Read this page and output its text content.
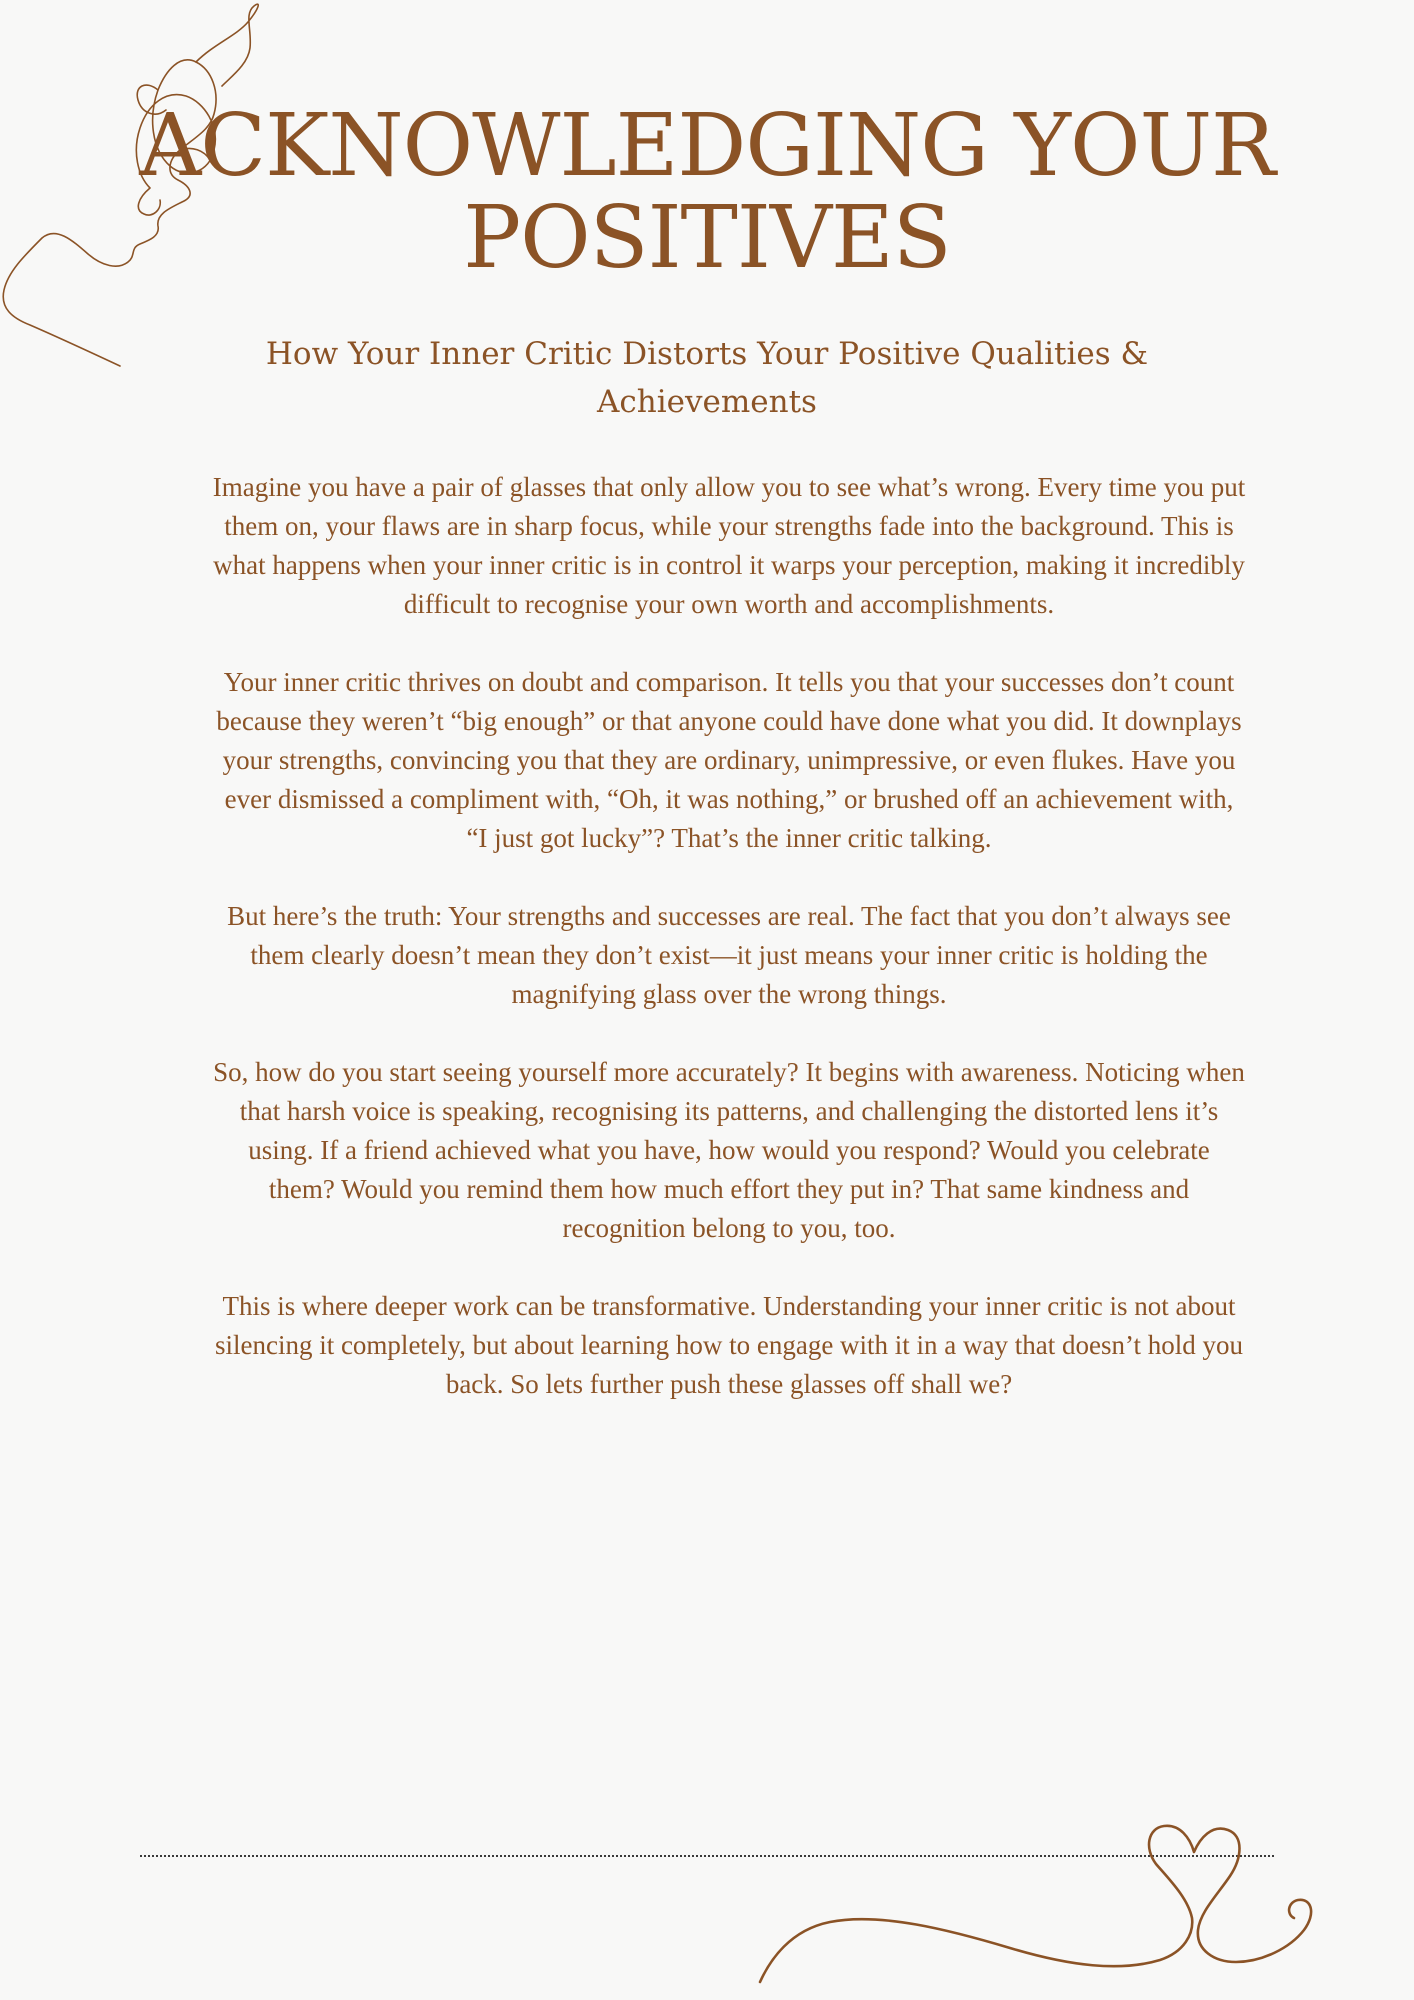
ACKNOWLEDGING YOUR POSITIVES
How Your Inner Critic Distorts Your Positive Qualities & Achievements

Imagine you have a pair of glasses that only allow you to see what’s wrong. Every time you put them on, your flaws are in sharp focus, while your strengths fade into the background. This is what happens when your inner critic is in control it warps your perception, making it incredibly difficult to recognise your own worth and accomplishments.

Your inner critic thrives on doubt and comparison. It tells you that your successes don’t count because they weren’t “big enough” or that anyone could have done what you did. It downplays your strengths, convincing you that they are ordinary, unimpressive, or even flukes. Have you ever dismissed a compliment with, “Oh, it was nothing,” or brushed off an achievement with, “I just got lucky”? That’s the inner critic talking.

But here’s the truth: Your strengths and successes are real. The fact that you don’t always see them clearly doesn’t mean they don’t exist—it just means your inner critic is holding the magnifying glass over the wrong things.

So, how do you start seeing yourself more accurately? It begins with awareness. Noticing when that harsh voice is speaking, recognising its patterns, and challenging the distorted lens it’s using. If a friend achieved what you have, how would you respond? Would you celebrate them? Would you remind them how much effort they put in? That same kindness and recognition belong to you, too.

This is where deeper work can be transformative. Understanding your inner critic is not about silencing it completely, but about learning how to engage with it in a way that doesn’t hold you back. So lets further push these glasses off shall we?
